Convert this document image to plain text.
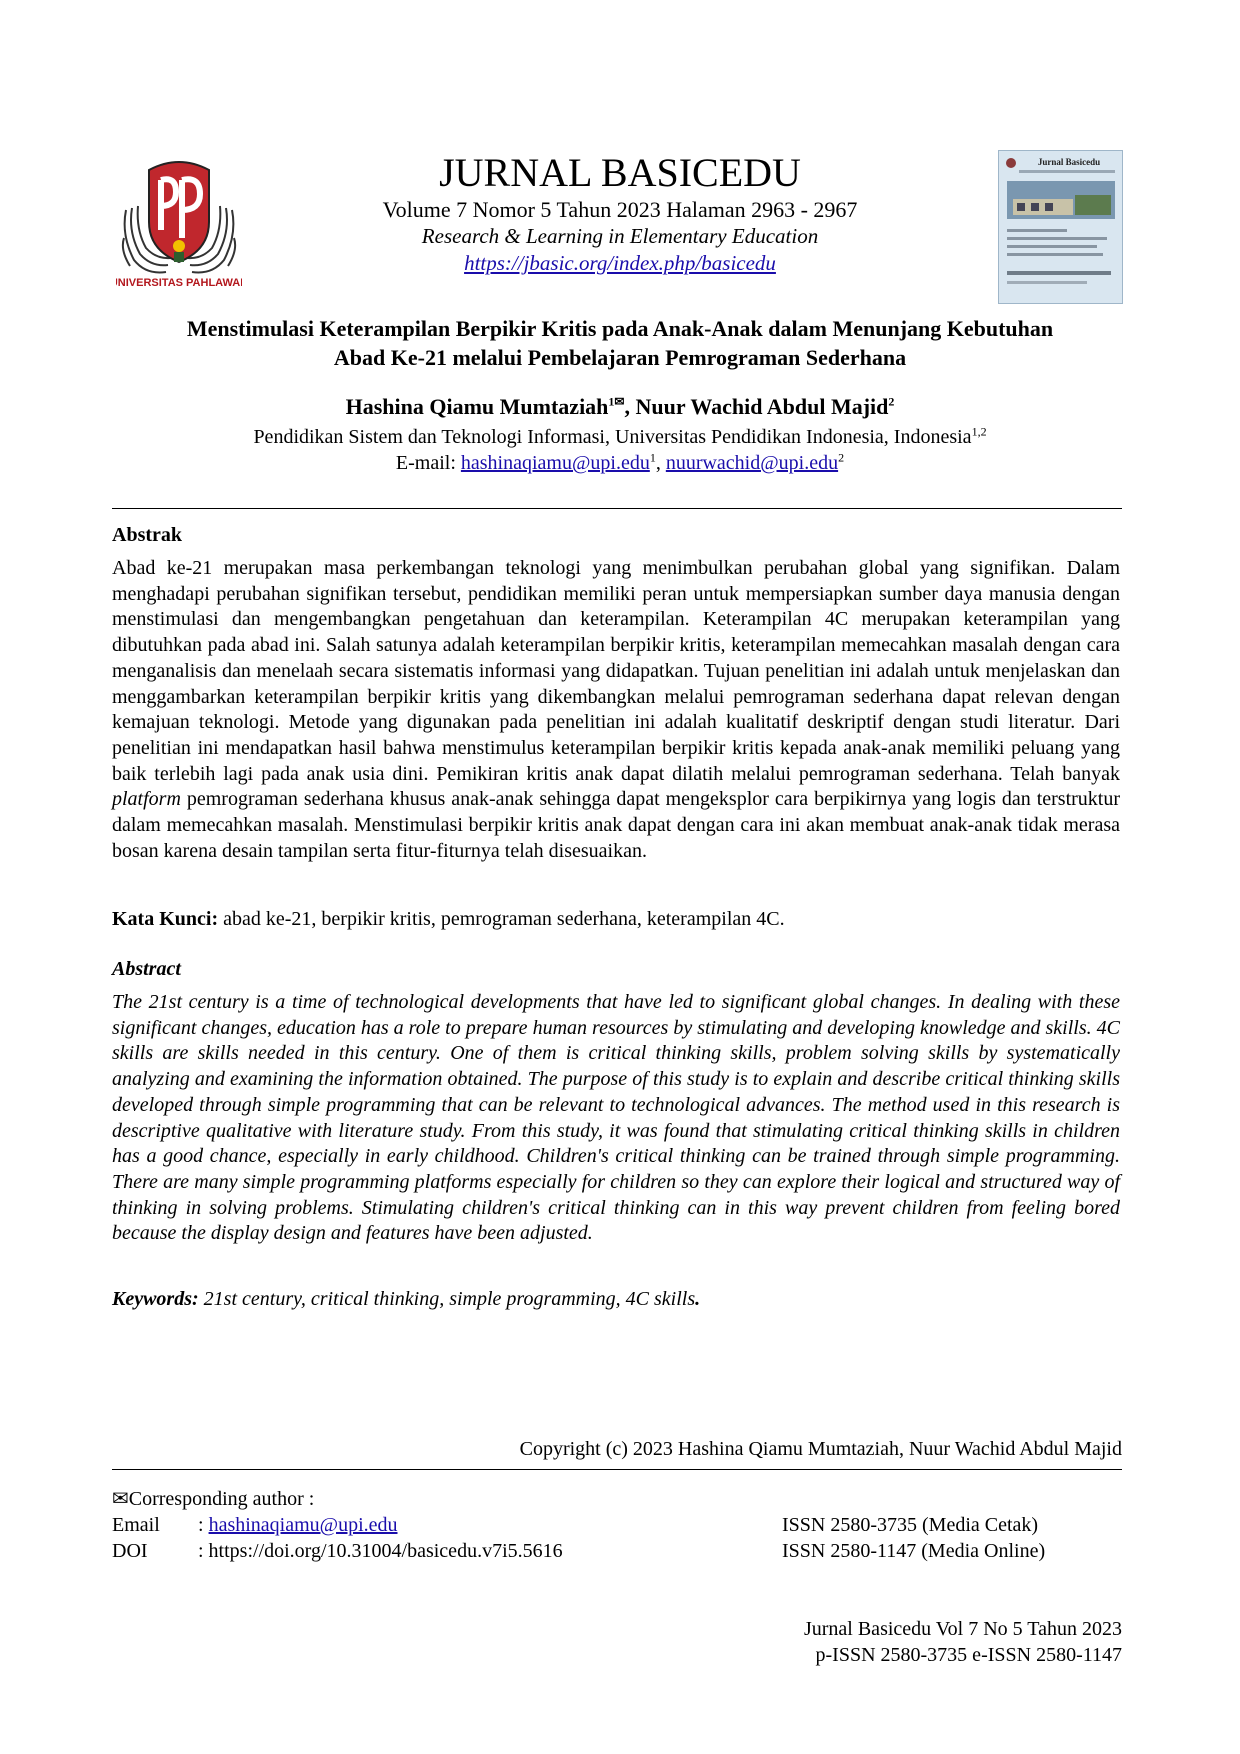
UNIVERSITAS PAHLAWAN
JURNAL BASICEDU
Volume 7 Nomor 5 Tahun 2023 Halaman 2963 - 2967
Research & Learning in Elementary Education
https://jbasic.org/index.php/basicedu
Jurnal Basicedu
Menstimulasi Keterampilan Berpikir Kritis pada Anak-Anak dalam Menunjang Kebutuhan
Abad Ke-21 melalui Pembelajaran Pemrograman Sederhana
Hashina Qiamu Mumtaziah$^{1✉}$, Nuur Wachid Abdul Majid$^2$
Pendidikan Sistem dan Teknologi Informasi, Universitas Pendidikan Indonesia, Indonesia$^{1,2}$
E-mail: hashinaqiamu@upi.edu$^1$, nuurwachid@upi.edu$^2$
Abstrak
Abad ke-21 merupakan masa perkembangan teknologi yang menimbulkan perubahan global yang signifikan. Dalam menghadapi perubahan signifikan tersebut, pendidikan memiliki peran untuk mempersiapkan sumber daya manusia dengan menstimulasi dan mengembangkan pengetahuan dan keterampilan. Keterampilan 4C merupakan keterampilan yang dibutuhkan pada abad ini. Salah satunya adalah keterampilan berpikir kritis, keterampilan memecahkan masalah dengan cara menganalisis dan menelaah secara sistematis informasi yang didapatkan. Tujuan penelitian ini adalah untuk menjelaskan dan menggambarkan keterampilan berpikir kritis yang dikembangkan melalui pemrograman sederhana dapat relevan dengan kemajuan teknologi. Metode yang digunakan pada penelitian ini adalah kualitatif deskriptif dengan studi literatur. Dari penelitian ini mendapatkan hasil bahwa menstimulus keterampilan berpikir kritis kepada anak-anak memiliki peluang yang baik terlebih lagi pada anak usia dini. Pemikiran kritis anak dapat dilatih melalui pemrograman sederhana. Telah banyak platform pemrograman sederhana khusus anak-anak sehingga dapat mengeksplor cara berpikirnya yang logis dan terstruktur dalam memecahkan masalah. Menstimulasi berpikir kritis anak dapat dengan cara ini akan membuat anak-anak tidak merasa bosan karena desain tampilan serta fitur-fiturnya telah disesuaikan.
Kata Kunci: abad ke-21, berpikir kritis, pemrograman sederhana, keterampilan 4C.
Abstract
The 21st century is a time of technological developments that have led to significant global changes. In dealing with these significant changes, education has a role to prepare human resources by stimulating and developing knowledge and skills. 4C skills are skills needed in this century. One of them is critical thinking skills, problem solving skills by systematically analyzing and examining the information obtained. The purpose of this study is to explain and describe critical thinking skills developed through simple programming that can be relevant to technological advances. The method used in this research is descriptive qualitative with literature study. From this study, it was found that stimulating critical thinking skills in children has a good chance, especially in early childhood. Children's critical thinking can be trained through simple programming. There are many simple programming platforms especially for children so they can explore their logical and structured way of thinking in solving problems. Stimulating children's critical thinking can in this way prevent children from feeling bored because the display design and features have been adjusted.
Keywords: 21st century, critical thinking, simple programming, 4C skills.
Copyright (c) 2023 Hashina Qiamu Mumtaziah, Nuur Wachid Abdul Majid
✉Corresponding author :
Email : hashinaqiamu@upi.edu	ISSN 2580-3735 (Media Cetak)
DOI	: https://doi.org/10.31004/basicedu.v7i5.5616	ISSN 2580-1147 (Media Online)
Jurnal Basicedu Vol 7 No 5 Tahun 2023
p-ISSN 2580-3735 e-ISSN 2580-1147
